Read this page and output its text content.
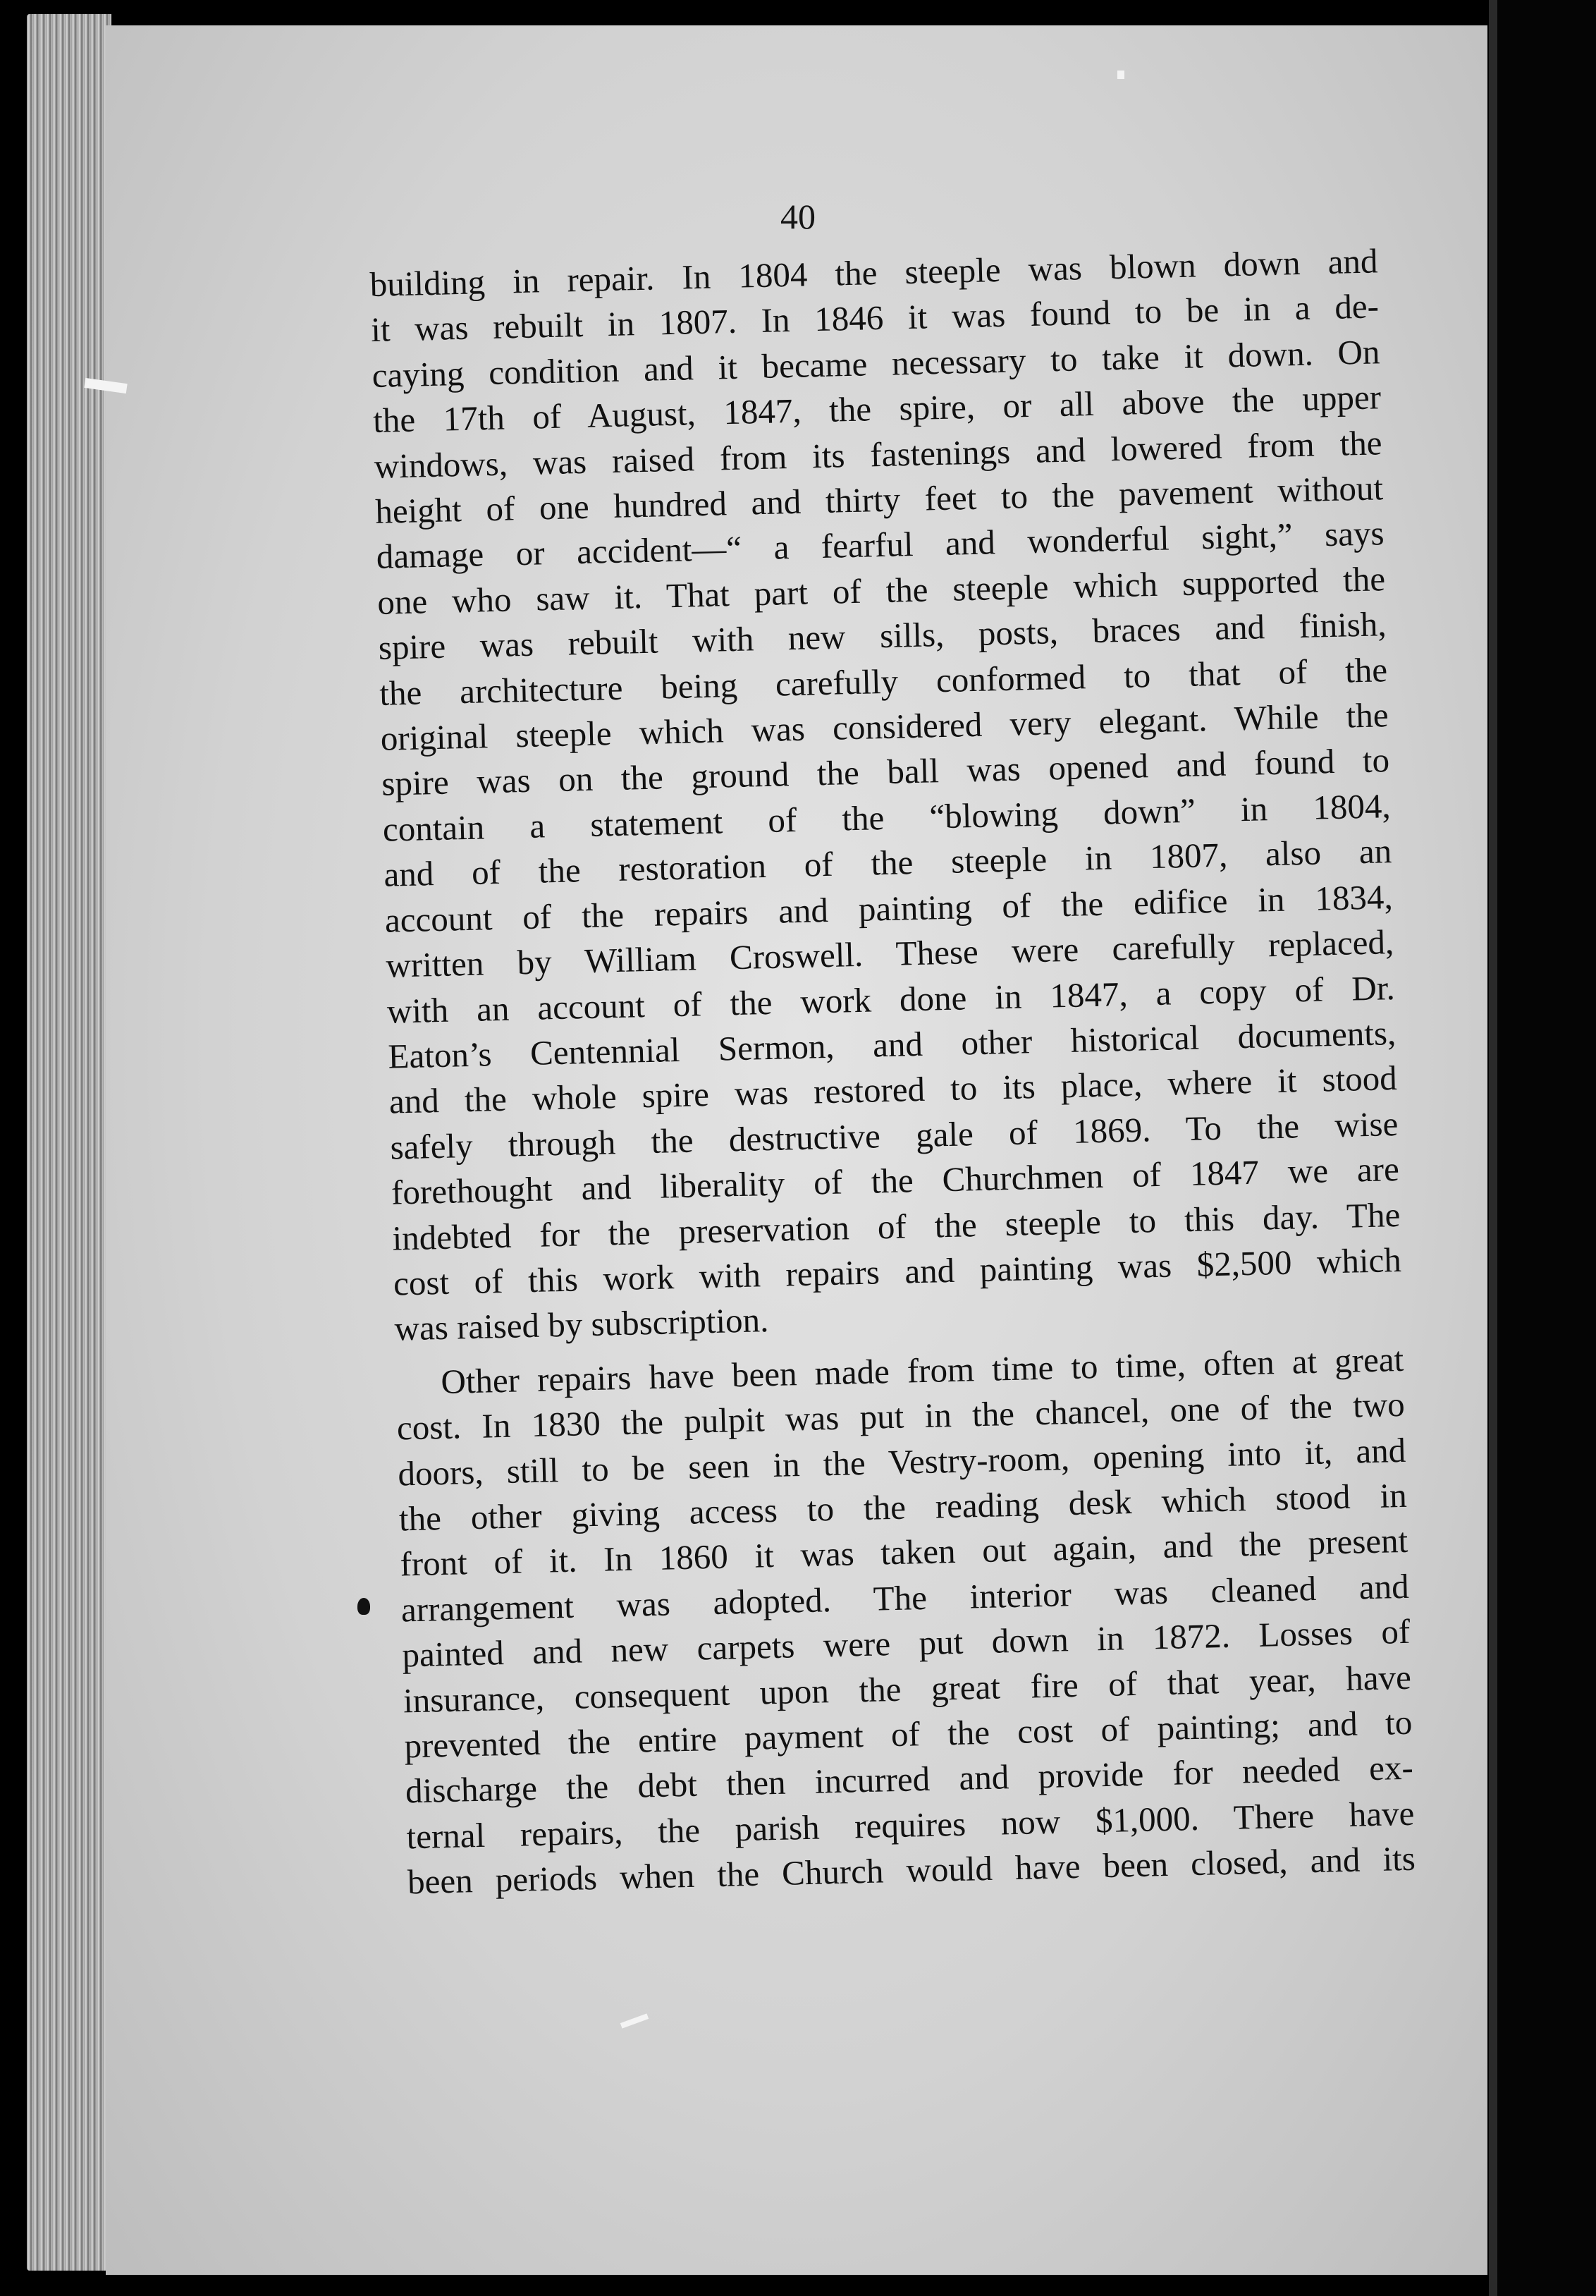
40
building in repair. In 1804 the steeple was blown down and
it was rebuilt in 1807. In 1846 it was found to be in a de-
caying condition and it became necessary to take it down. On
the 17th of August, 1847, the spire, or all above the upper
windows, was raised from its fastenings and lowered from the
height of one hundred and thirty feet to the pavement without
damage or accident—“ a fearful and wonderful sight,” says
one who saw it. That part of the steeple which supported the
spire was rebuilt with new sills, posts, braces and finish,
the architecture being carefully conformed to that of the
original steeple which was considered very elegant. While the
spire was on the ground the ball was opened and found to
contain a statement of the “blowing down” in 1804,
and of the restoration of the steeple in 1807, also an
account of the repairs and painting of the edifice in 1834,
written by William Croswell. These were carefully replaced,
with an account of the work done in 1847, a copy of Dr.
Eaton’s Centennial Sermon, and other historical documents,
and the whole spire was restored to its place, where it stood
safely through the destructive gale of 1869. To the wise
forethought and liberality of the Churchmen of 1847 we are
indebted for the preservation of the steeple to this day. The
cost of this work with repairs and painting was $2,500 which
was raised by subscription.
Other repairs have been made from time to time, often at great
cost. In 1830 the pulpit was put in the chancel, one of the two
doors, still to be seen in the Vestry-room, opening into it, and
the other giving access to the reading desk which stood in
front of it. In 1860 it was taken out again, and the present
arrangement was adopted. The interior was cleaned and
painted and new carpets were put down in 1872. Losses of
insurance, consequent upon the great fire of that year, have
prevented the entire payment of the cost of painting; and to
discharge the debt then incurred and provide for needed ex-
ternal repairs, the parish requires now $1,000. There have
been periods when the Church would have been closed, and its
